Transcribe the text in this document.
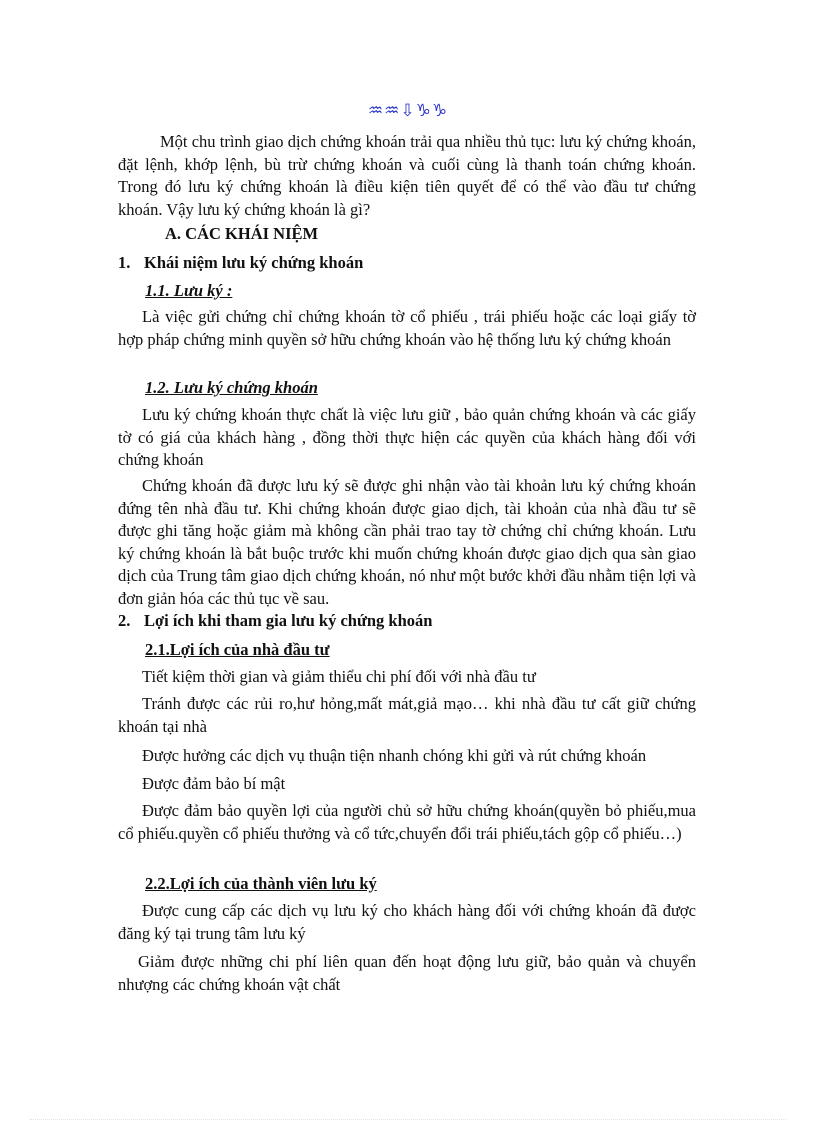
♒♒⇩♑♑

Một chu trình giao dịch chứng khoán trải qua nhiều thủ tục: lưu ký chứng khoán, đặt lệnh, khớp lệnh, bù trừ chứng khoán và cuối cùng là thanh toán chứng khoán. Trong đó lưu ký chứng khoán là điều kiện tiên quyết để có thể vào đầu tư chứng khoán. Vậy lưu ký chứng khoán là gì?

A. CÁC KHÁI NIỆM
1. Khái niệm lưu ký chứng khoán
1.1. Lưu ký :

Là việc gửi chứng chỉ chứng khoán tờ cổ phiếu , trái phiếu hoặc các loại giấy tờ hợp pháp chứng minh quyền sở hữu chứng khoán vào hệ thống lưu ký chứng khoán

1.2. Lưu ký chứng khoán

Lưu ký chứng khoán thực chất là việc lưu giữ , bảo quản chứng khoán và các giấy tờ có giá của khách hàng , đồng thời thực hiện các quyền của khách hàng đối với chứng khoán

Chứng khoán đã được lưu ký sẽ được ghi nhận vào tài khoản lưu ký chứng khoán đứng tên nhà đầu tư. Khi chứng khoán được giao dịch, tài khoản của nhà đầu tư sẽ được ghi tăng hoặc giảm mà không cần phải trao tay tờ chứng chỉ chứng khoán. Lưu ký chứng khoán là bắt buộc trước khi muốn chứng khoán được giao dịch qua sàn giao dịch của Trung tâm giao dịch chứng khoán, nó như một bước khởi đầu nhằm tiện lợi và đơn giản hóa các thủ tục về sau.

2. Lợi ích khi tham gia lưu ký chứng khoán
2.1.Lợi ích của nhà đầu tư

Tiết kiệm thời gian và giảm thiểu chi phí đối với nhà đầu tư

Tránh được các rủi ro,hư hỏng,mất mát,giả mạo… khi nhà đầu tư cất giữ chứng khoán tại nhà

Được hưởng các dịch vụ thuận tiện nhanh chóng khi gửi và rút chứng khoán

Được đảm bảo bí mật

Được đảm bảo quyền lợi của người chủ sở hữu chứng khoán(quyền bỏ phiếu,mua cổ phiếu.quyền cổ phiếu thưởng và cổ tức,chuyển đổi trái phiếu,tách gộp cổ phiếu…)

2.2.Lợi ích của thành viên lưu ký

Được cung cấp các dịch vụ lưu ký cho khách hàng đối với chứng khoán đã được đăng ký tại trung tâm lưu ký

Giảm được những chi phí liên quan đến hoạt động lưu giữ, bảo quản và chuyển nhượng các chứng khoán vật chất
